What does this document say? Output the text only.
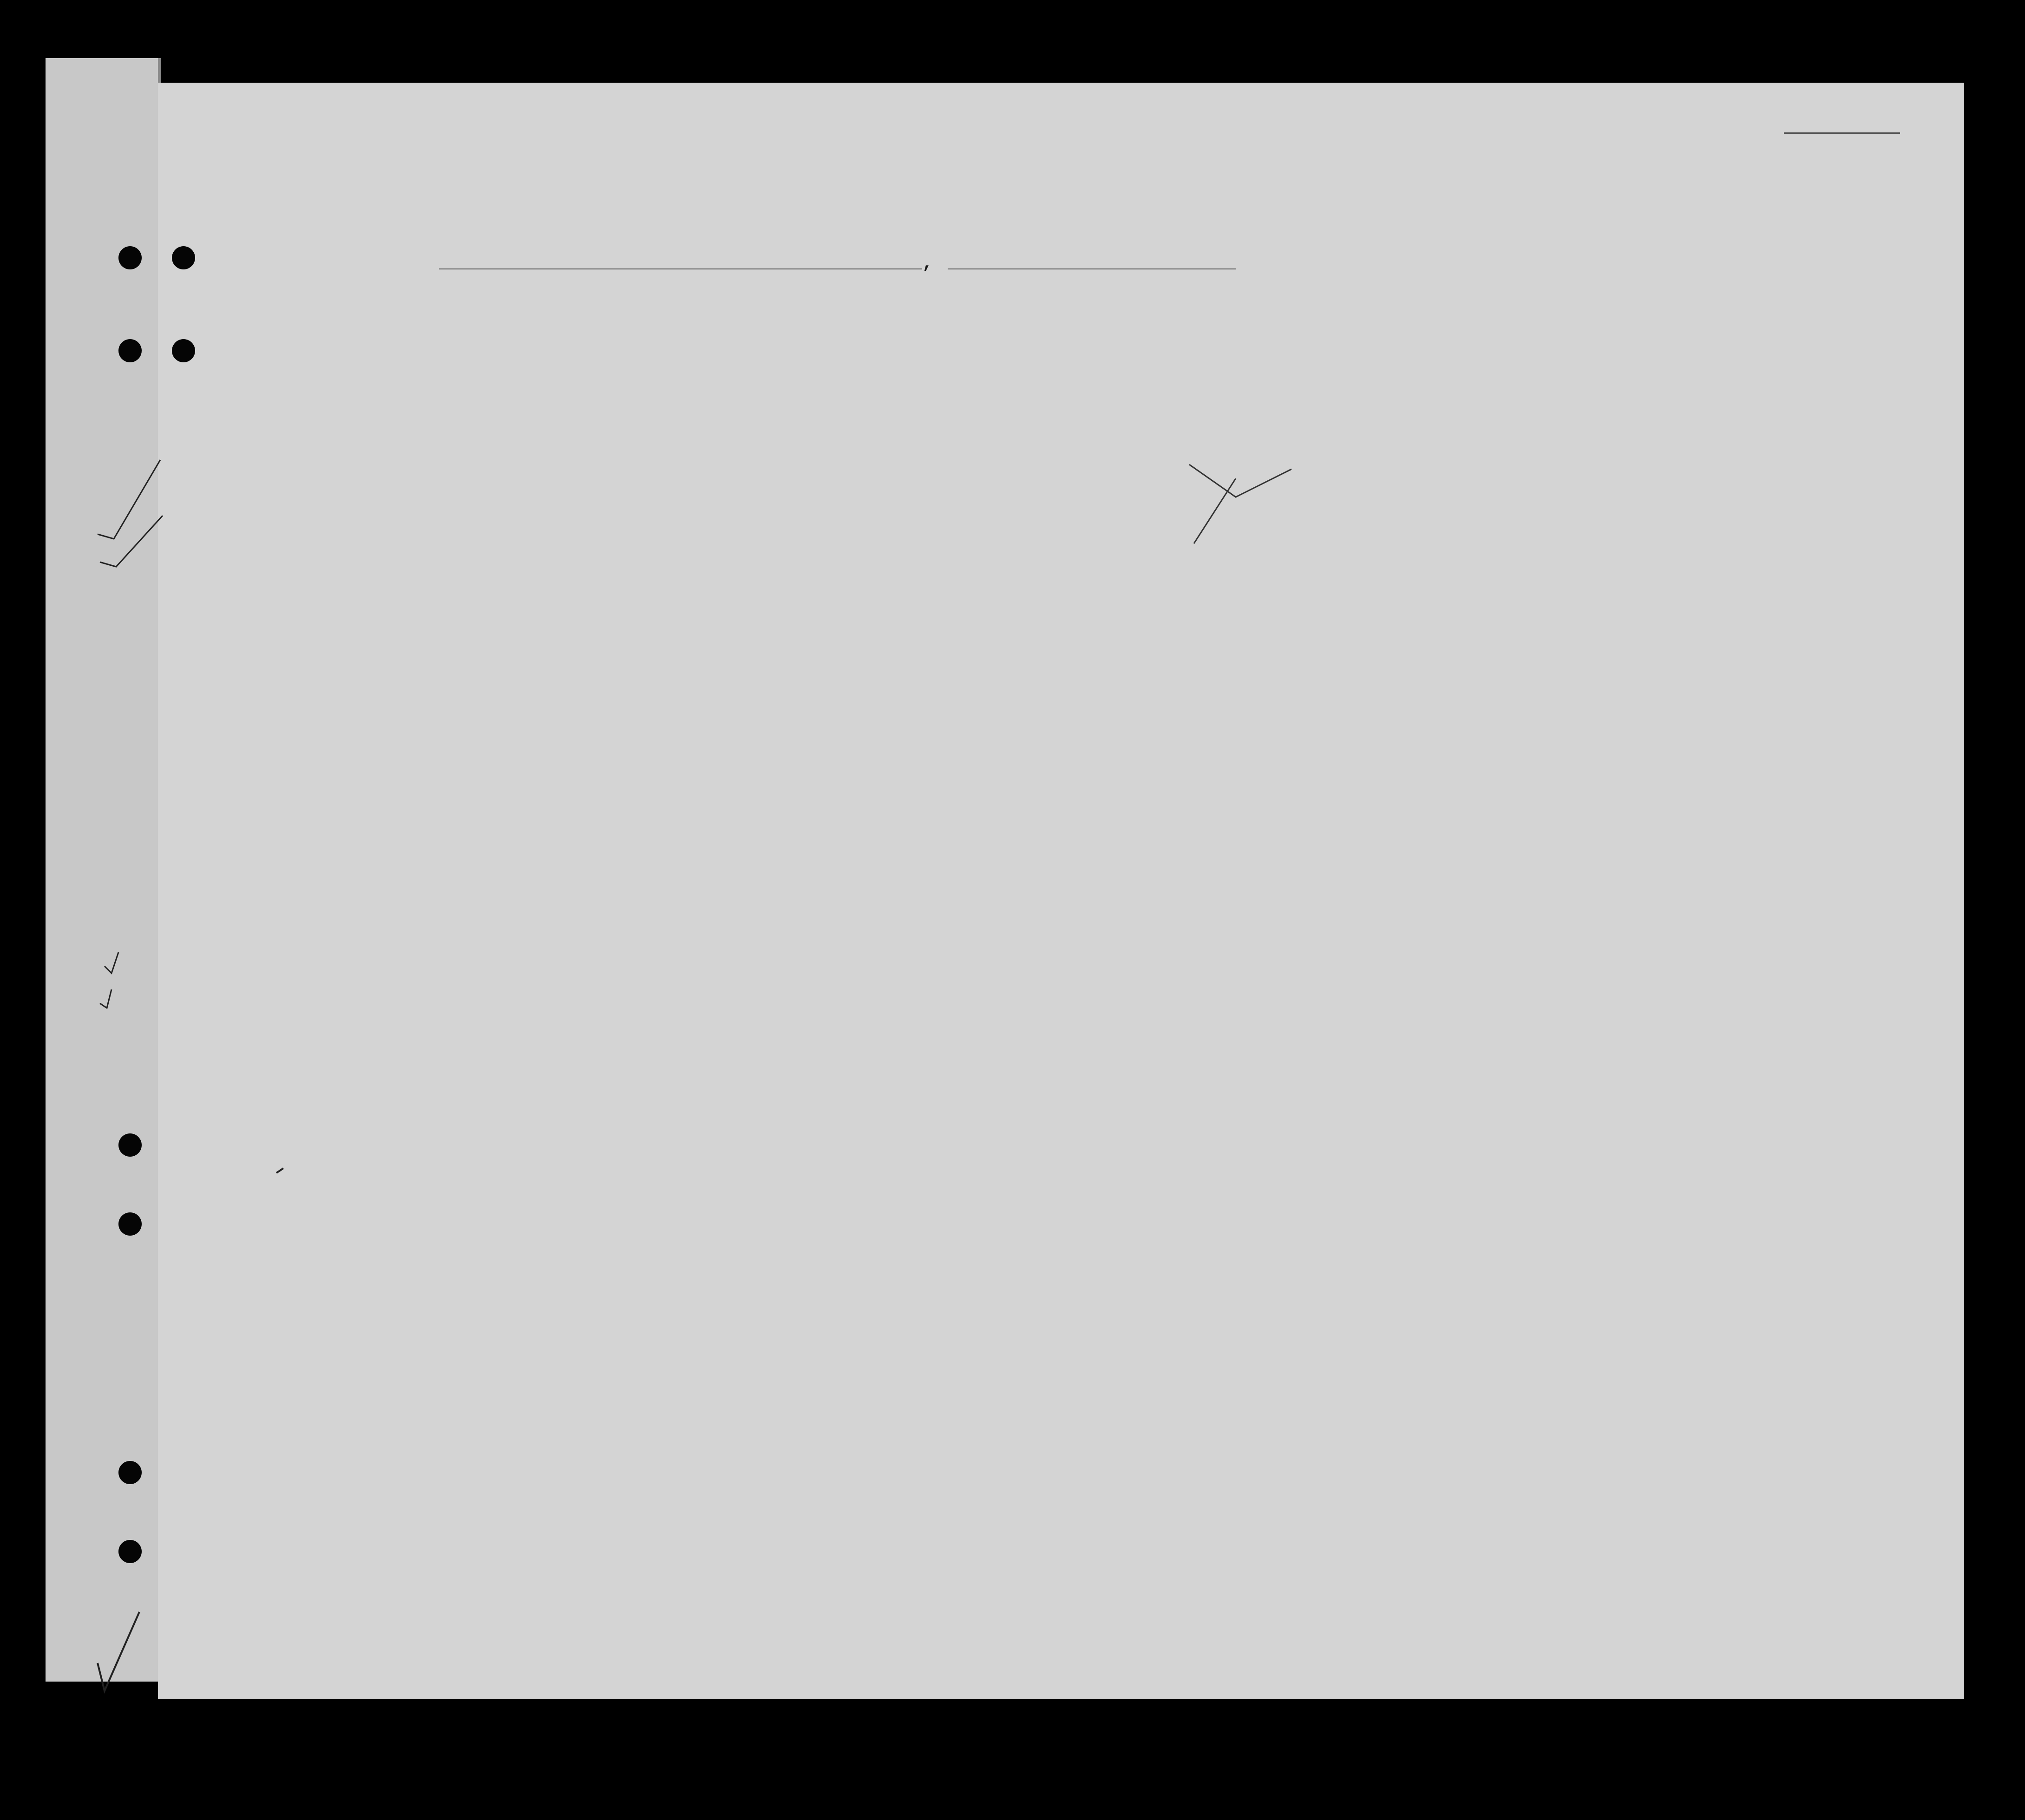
,
